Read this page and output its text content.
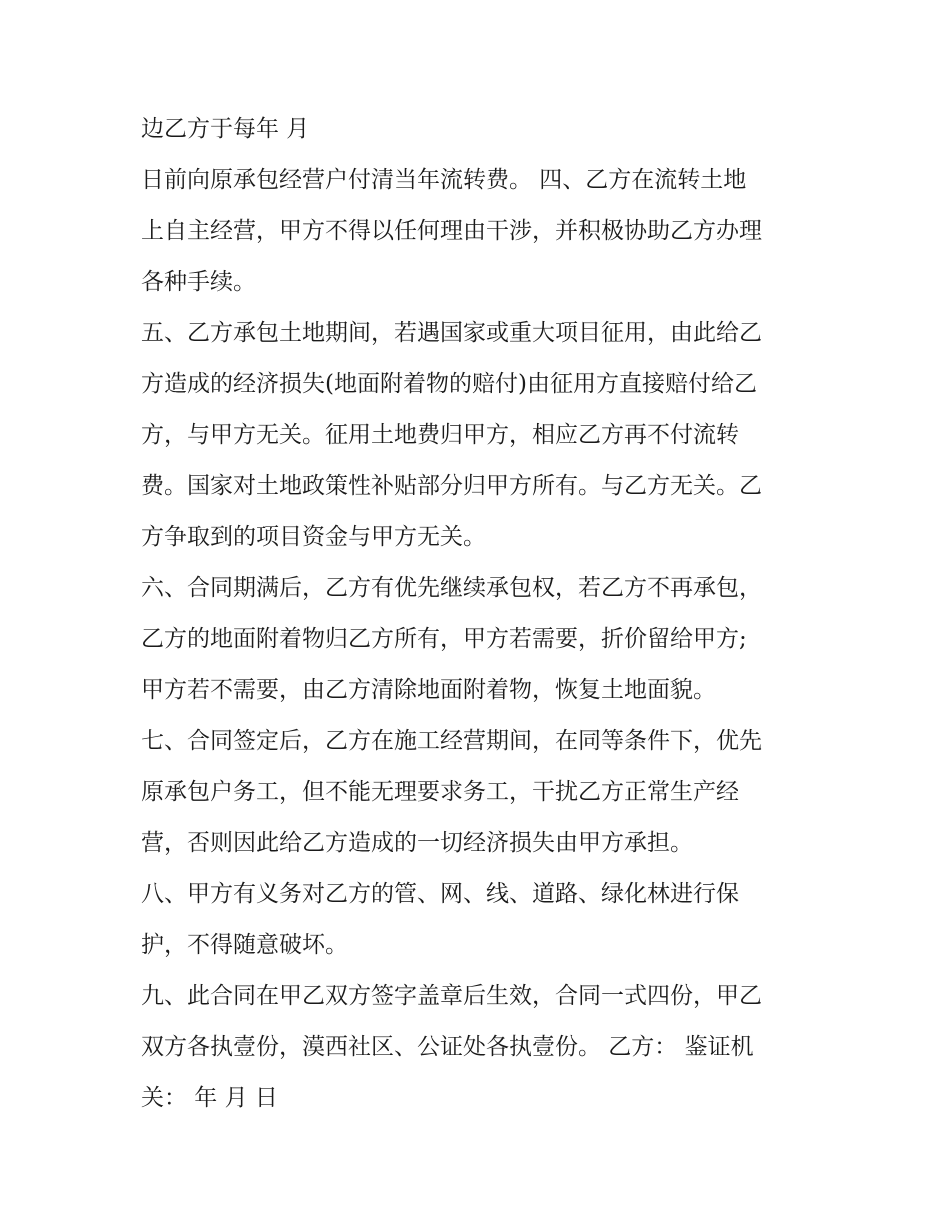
边乙方于每年 月
日前向原承包经营户付清当年流转费。 四、乙方在流转土地
上自主经营，甲方不得以任何理由干涉，并积极协助乙方办理
各种手续。
五、乙方承包土地期间，若遇国家或重大项目征用，由此给乙
方造成的经济损失(地面附着物的赔付)由征用方直接赔付给乙
方，与甲方无关。征用土地费归甲方，相应乙方再不付流转
费。国家对土地政策性补贴部分归甲方所有。与乙方无关。乙
方争取到的项目资金与甲方无关。
六、合同期满后，乙方有优先继续承包权，若乙方不再承包，
乙方的地面附着物归乙方所有，甲方若需要，折价留给甲方;
甲方若不需要，由乙方清除地面附着物，恢复土地面貌。
七、合同签定后，乙方在施工经营期间，在同等条件下，优先
原承包户务工，但不能无理要求务工，干扰乙方正常生产经
营，否则因此给乙方造成的一切经济损失由甲方承担。
八、甲方有义务对乙方的管、网、线、道路、绿化林进行保
护，不得随意破坏。
九、此合同在甲乙双方签字盖章后生效，合同一式四份，甲乙
双方各执壹份，漠西社区、公证处各执壹份。 乙方： 鉴证机
关： 年 月 日
